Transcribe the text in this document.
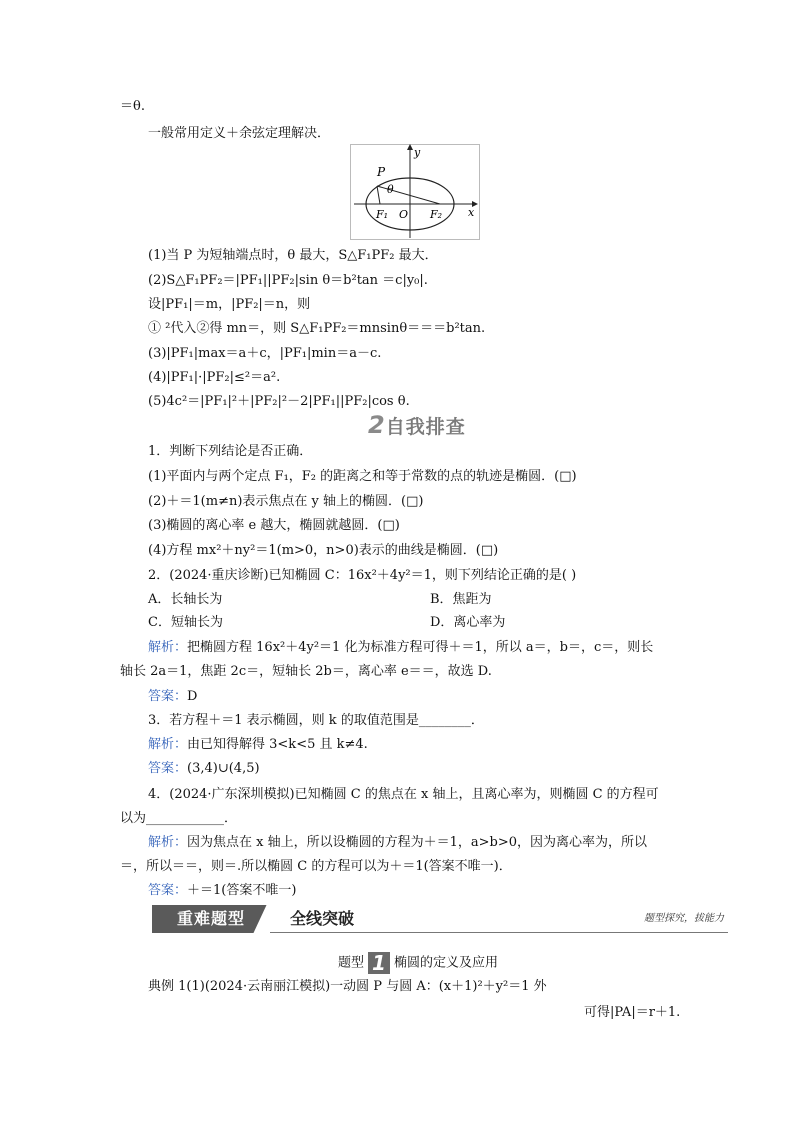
＝θ.
一般常用定义＋余弦定理解决．
P
θ
F₁ O F₂ x
y
(1)当 P 为短轴端点时，θ 最大，S△F₁PF₂ 最大．
(2)S△F₁PF₂＝|PF₁||PF₂|sin θ＝b²tan ＝c|y₀|.
设|PF₁|＝m，|PF₂|＝n，则
① ²代入②得 mn＝，则 S△F₁PF₂＝mnsinθ＝＝＝b²tan.
(3)|PF₁|max＝a＋c，|PF₁|min＝a－c.
(4)|PF₁|·|PF₂|≤²＝a².
(5)4c²＝|PF₁|²＋|PF₂|²－2|PF₁||PF₂|cos θ.
2自我排查
1．判断下列结论是否正确．
(1)平面内与两个定点 F₁，F₂ 的距离之和等于常数的点的轨迹是椭圆．(□)
(2)＋＝1(m≠n)表示焦点在 y 轴上的椭圆．(□)
(3)椭圆的离心率 e 越大，椭圆就越圆．(□)
(4)方程 mx²＋ny²＝1(m>0，n>0)表示的曲线是椭圆．(□)
2．(2024·重庆诊断)已知椭圆 C：16x²＋4y²＝1，则下列结论正确的是( )
A．长轴长为	B．焦距为
C．短轴长为	D．离心率为
解析：把椭圆方程 16x²＋4y²＝1 化为标准方程可得＋＝1，所以 a＝，b＝，c＝，则长
轴长 2a＝1，焦距 2c＝，短轴长 2b＝，离心率 e＝＝，故选 D.
答案：D
3．若方程＋＝1 表示椭圆，则 k 的取值范围是________．
解析：由已知得解得 3<k<5 且 k≠4.
答案：(3,4)∪(4,5)
4．(2024·广东深圳模拟)已知椭圆 C 的焦点在 x 轴上，且离心率为，则椭圆 C 的方程可
以为____________．
解析：因为焦点在 x 轴上，所以设椭圆的方程为＋＝1，a>b>0，因为离心率为，所以
＝，所以＝＝，则＝.所以椭圆 C 的方程可以为＋＝1(答案不唯一)．
答案：＋＝1(答案不唯一)
重难题型	全线突破	题型探究，拔能力
题型 1 椭圆的定义及应用
典例 1(1)(2024·云南丽江模拟)一动圆 P 与圆 A：(x＋1)²＋y²＝1 外
可得|PA|＝r＋1.
